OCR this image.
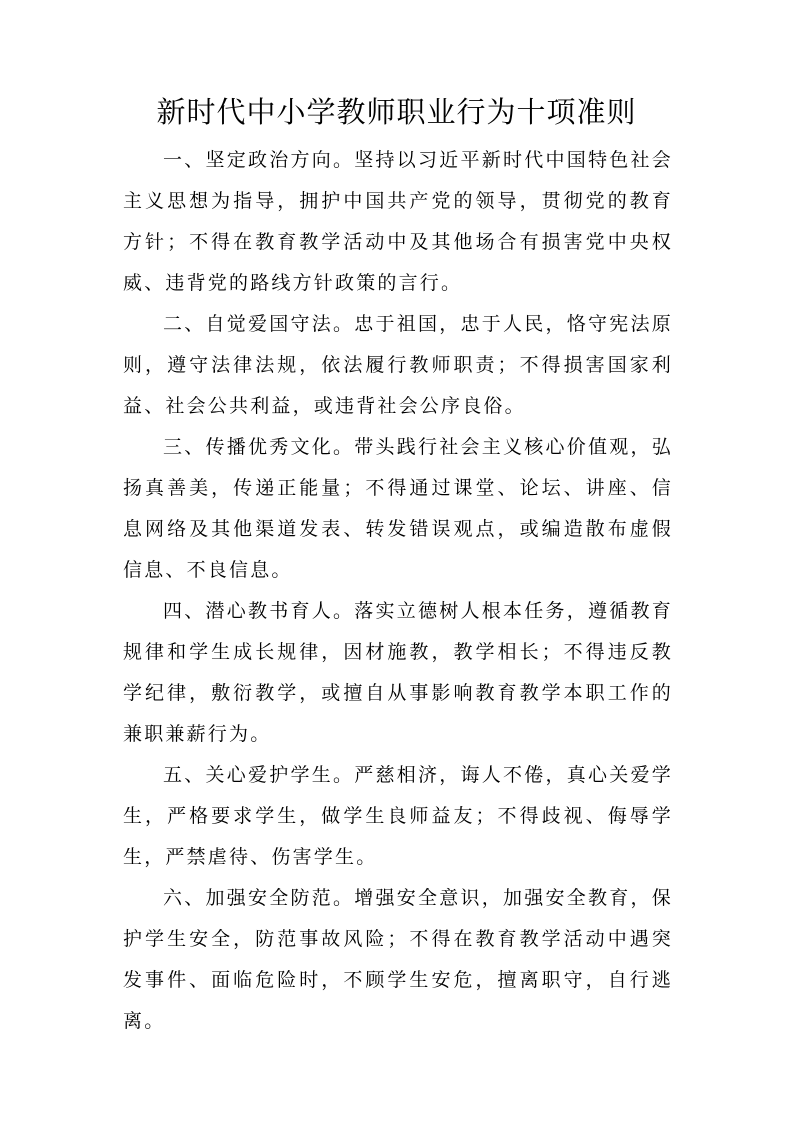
新时代中小学教师职业行为十项准则

一、坚定政治方向。坚持以习近平新时代中国特色社会主义思想为指导，拥护中国共产党的领导，贯彻党的教育方针；不得在教育教学活动中及其他场合有损害党中央权威、违背党的路线方针政策的言行。

二、自觉爱国守法。忠于祖国，忠于人民，恪守宪法原则，遵守法律法规，依法履行教师职责；不得损害国家利益、社会公共利益，或违背社会公序良俗。

三、传播优秀文化。带头践行社会主义核心价值观，弘扬真善美，传递正能量；不得通过课堂、论坛、讲座、信息网络及其他渠道发表、转发错误观点，或编造散布虚假信息、不良信息。

四、潜心教书育人。落实立德树人根本任务，遵循教育规律和学生成长规律，因材施教，教学相长；不得违反教学纪律，敷衍教学，或擅自从事影响教育教学本职工作的兼职兼薪行为。

五、关心爱护学生。严慈相济，诲人不倦，真心关爱学生，严格要求学生，做学生良师益友；不得歧视、侮辱学生，严禁虐待、伤害学生。

六、加强安全防范。增强安全意识，加强安全教育，保护学生安全，防范事故风险；不得在教育教学活动中遇突发事件、面临危险时，不顾学生安危，擅离职守，自行逃离。
